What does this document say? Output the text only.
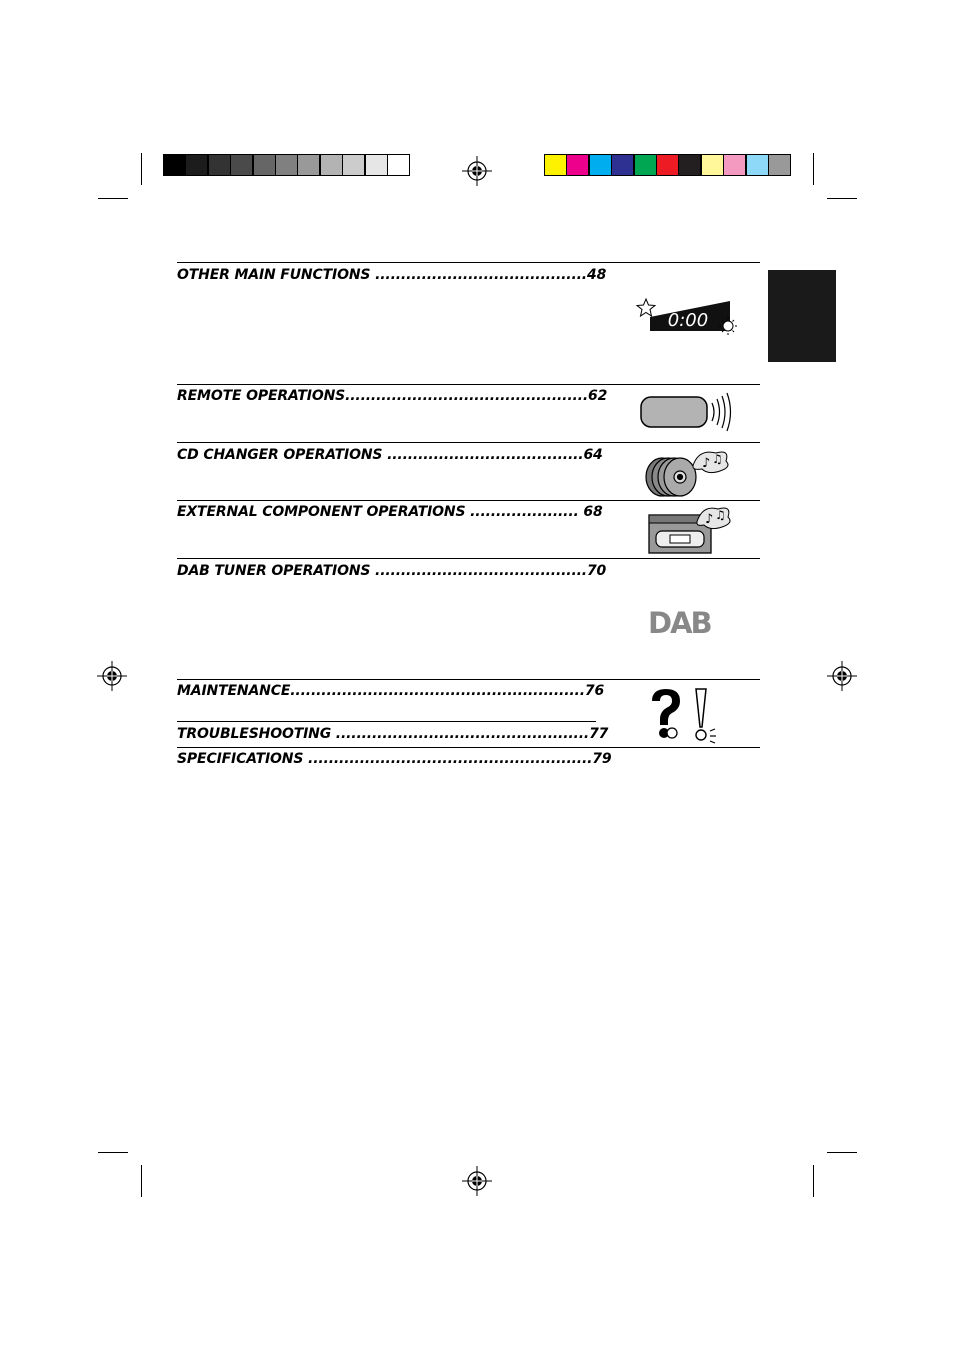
OTHER MAIN FUNCTIONS .........................................48
REMOTE OPERATIONS...............................................62
CD CHANGER OPERATIONS ......................................64
EXTERNAL COMPONENT OPERATIONS ..................... 68
DAB TUNER OPERATIONS .........................................70
MAINTENANCE.........................................................76
TROUBLESHOOTING .................................................77
SPECIFICATIONS .......................................................79
0:00
♪ ♫
♪ ♫
DAB
